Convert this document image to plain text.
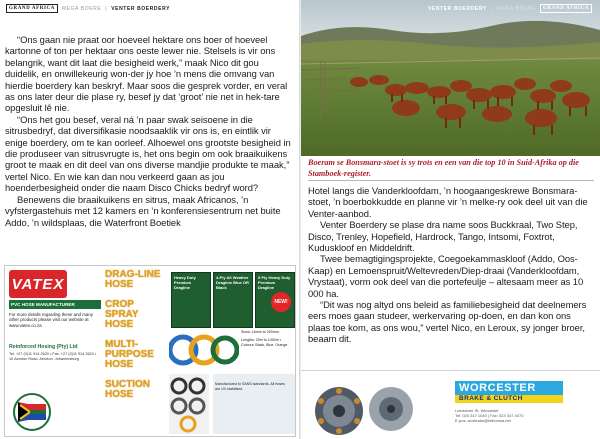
GRAND AFRICA	MEGA BOERE | VENTER BOERDERY

“Ons gaan nie praat oor hoeveel hektare ons boer of hoeveel kartonne of ton per hektaar ons oeste lewer nie. Stelsels is vir ons belangrik, want dit laat die besigheid werk,” maak Nico dit gou duidelik, en onwillekeurig won-der jy hoe ’n mens die omvang van hierdie boerdery kan beskryf. Maar soos die gesprek vorder, en veral as ons later deur die plase ry, besef jy dat ‘groot’ nie net in hek-tare opgesluit lê nie.

“Ons het gou besef, veral ná ’n paar swak seisoene in die sitrusbedryf, dat diversifikasie noodsaaklik vir ons is, en eintlik vir enige boerdery, om te kan oorleef. Alhoewel ons grootste besigheid in die produseer van sitrusvrugte is, het ons begin om ook braaikuikens groot te maak en dit deel van ons diverse mandjie produkte te maak,” vertel Nico. En wie kan dan nou verkeerd gaan as jou hoenderbesigheid onder die naam Disco Chicks bedryf word?

Benewens die braaikuikens en sitrus, maak Africanos, ’n vyfstergastehuis met 12 kamers en ’n konferensiesentrum net buite Addo, ’n wildsplaas, die Waterfront Boetiek

VATEX
PVC HOSE MANUFACTURER
For more details regarding these and many other products please visit our website at www.vatex.co.za
Reinforced Hosing (Pty) Ltd
Tel: +27 (0)11 914 2620 • Fax: +27 (0)11 914 2624 • 10 Aeroton Road, Aeroton, Johannesburg
DRAG-LINE HOSE
CROP SPRAY HOSE
MULTI-PURPOSE HOSE
SUCTION HOSE
Heavy Duty Premium Dragline
4-Ply All Weather Dragline Blue OR Black
5 Ply Heavy Duty Premium Dragline
NEW!
Sizes: 16mm to 200mm
Lengths: 25m to 1000m • Colours: Black, Blue, Orange
Manufactured to SANS standards. All hoses are UV stabilised.
VENTER BOERDERY | MEGA BOERE	GRAND AFRICA
Boeram se Bonsmara-stoet is sy trots en een van die top 10 in Suid-Afrika op die Stamboek-register.

Hotel langs die Vanderkloofdam, ’n hoogaangeskrewe Bonsmara-stoet, ’n boerbokkudde en planne vir ’n melke-ry ook deel uit van die Venter-aanbod.

Venter Boerdery se plase dra name soos Buckkraal, Two Step, Disco, Trenley, Hopefield, Hardrock, Tango, Intsomi, Foxtrot, Kuduskloof en Middeldrift.

Twee bemagtigingsprojekte, Coegoekammaskloof (Addo, Oos-Kaap) en Lemoenspruit/Weltevreden/Diep-draai (Vanderkloofdam, Vrystaat), vorm ook deel van die portefeulje – altesaam meer as 10 000 ha.

“Dit was nog altyd ons beleid as familiebesigheid dat deelnemers eers moes gaan studeer, werkervaring op-doen, en dan kon ons plaas toe kom, as ons wou,” vertel Nico, en Leroux, sy jonger broer, beaam dit.

WORCESTER
BRAKE & CLUTCH
Lotusrivier St, Worcester
Tel: 023 347 1040 | Fax: 023 347 4070
E-pos: worbrake@telkomsa.net
